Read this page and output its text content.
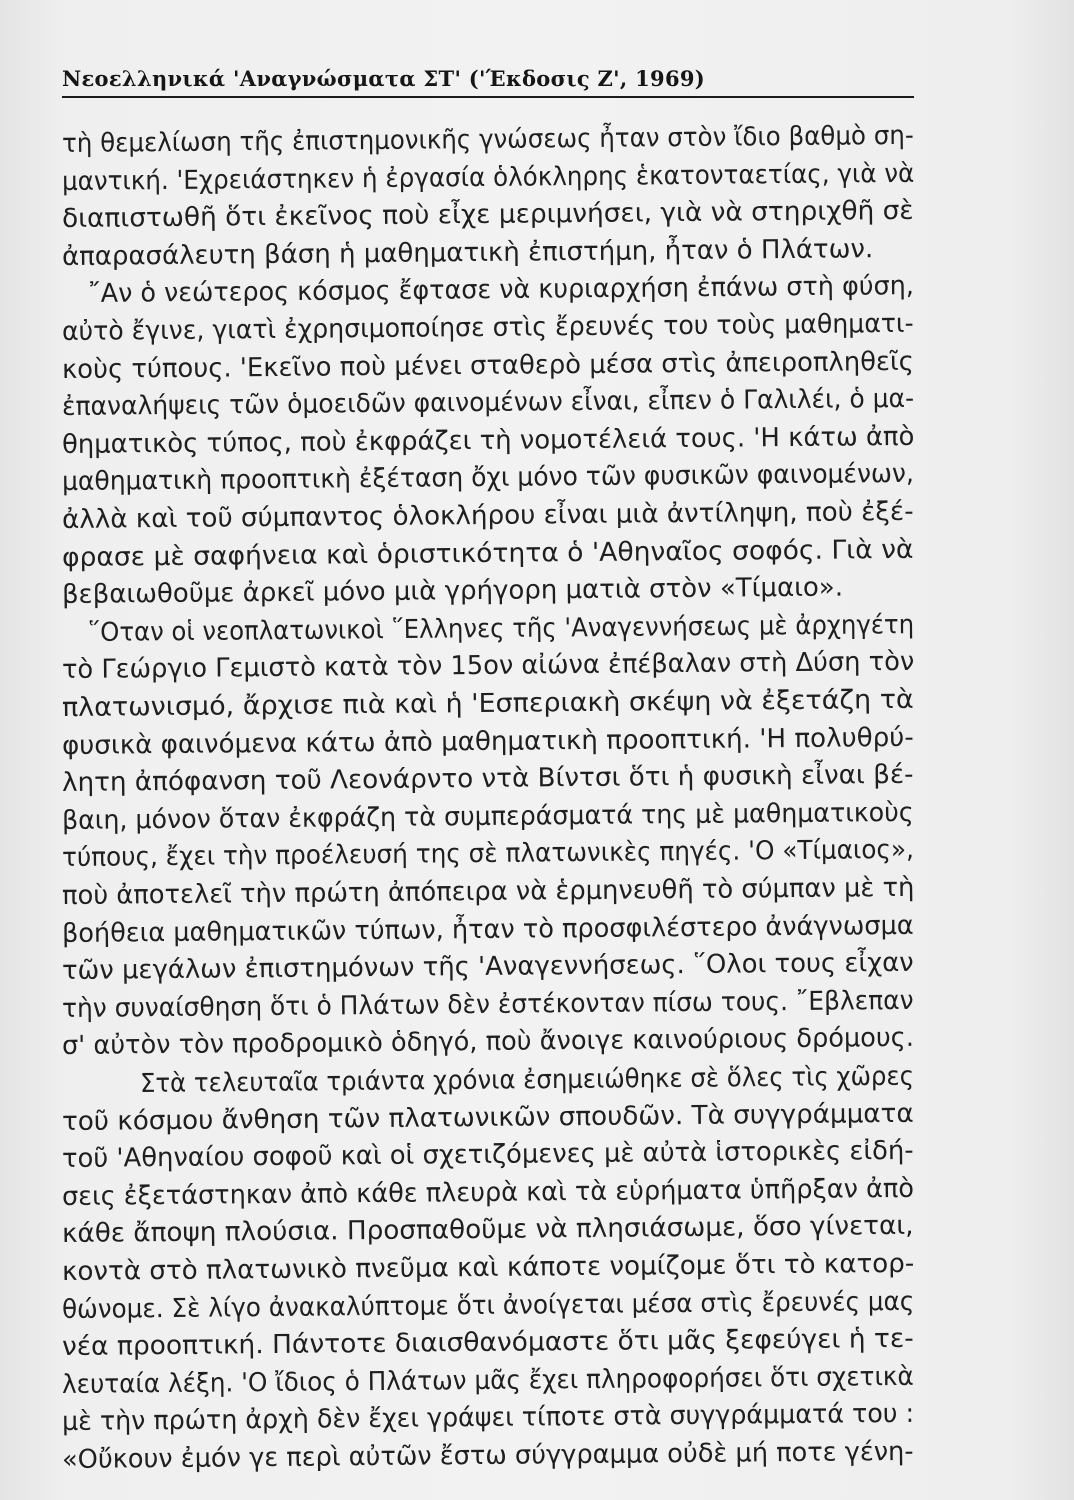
Νεοελληνικά 'Αναγνώσματα ΣΤ' ('Έκδοσις Ζ', 1969)
τὴ θεμελίωση τῆς ἐπιστημονικῆς γνώσεως ἦταν στὸν ἴδιο βαθμὸ ση-
μαντική. 'Εχρειάστηκεν ἡ ἐργασία ὁλόκληρης ἑκατονταετίας, γιὰ νὰ
διαπιστωθῆ ὅτι ἐκεῖνος ποὺ εἶχε μεριμνήσει, γιὰ νὰ στηριχθῆ σὲ
ἀπαρασάλευτη βάση ἡ μαθηματικὴ ἐπιστήμη, ἦταν ὁ Πλάτων.
῎Αν ὁ νεώτερος κόσμος ἔφτασε νὰ κυριαρχήση ἐπάνω στὴ φύση,
αὐτὸ ἔγινε, γιατὶ ἐχρησιμοποίησε στὶς ἔρευνές του τοὺς μαθηματι-
κοὺς τύπους. 'Εκεῖνο ποὺ μένει σταθερὸ μέσα στὶς ἀπειροπληθεῖς
ἐπαναλήψεις τῶν ὁμοειδῶν φαινομένων εἶναι, εἶπεν ὁ Γαλιλέι, ὁ μα-
θηματικὸς τύπος, ποὺ ἐκφράζει τὴ νομοτέλειά τους. 'Η κάτω ἀπὸ
μαθηματικὴ προοπτικὴ ἐξέταση ὄχι μόνο τῶν φυσικῶν φαινομένων,
ἀλλὰ καὶ τοῦ σύμπαντος ὁλοκλήρου εἶναι μιὰ ἀντίληψη, ποὺ ἐξέ-
φρασε μὲ σαφήνεια καὶ ὁριστικότητα ὁ 'Αθηναῖος σοφός. Γιὰ νὰ
βεβαιωθοῦμε ἀρκεῖ μόνο μιὰ γρήγορη ματιὰ στὸν «Τίμαιο».
῞Οταν οἱ νεοπλατωνικοὶ ῞Ελληνες τῆς 'Αναγεννήσεως μὲ ἀρχηγέτη
τὸ Γεώργιο Γεμιστὸ κατὰ τὸν 15ον αἰώνα ἐπέβαλαν στὴ Δύση τὸν
πλατωνισμό, ἄρχισε πιὰ καὶ ἡ 'Εσπεριακὴ σκέψη νὰ ἐξετάζη τὰ
φυσικὰ φαινόμενα κάτω ἀπὸ μαθηματικὴ προοπτική. 'Η πολυθρύ-
λητη ἀπόφανση τοῦ Λεονάρντο ντὰ Βίντσι ὅτι ἡ φυσικὴ εἶναι βέ-
βαιη, μόνον ὅταν ἐκφράζη τὰ συμπεράσματά της μὲ μαθηματικοὺς
τύπους, ἔχει τὴν προέλευσή της σὲ πλατωνικὲς πηγές. 'Ο «Τίμαιος»,
ποὺ ἀποτελεῖ τὴν πρώτη ἀπόπειρα νὰ ἑρμηνευθῆ τὸ σύμπαν μὲ τὴ
βοήθεια μαθηματικῶν τύπων, ἦταν τὸ προσφιλέστερο ἀνάγνωσμα
τῶν μεγάλων ἐπιστημόνων τῆς 'Αναγεννήσεως. ῞Ολοι τους εἶχαν
τὴν συναίσθηση ὅτι ὁ Πλάτων δὲν ἐστέκονταν πίσω τους. ῎Εβλεπαν
σ' αὐτὸν τὸν προδρομικὸ ὁδηγό, ποὺ ἄνοιγε καινούριους δρόμους.
Στὰ τελευταῖα τριάντα χρόνια ἐσημειώθηκε σὲ ὅλες τὶς χῶρες
τοῦ κόσμου ἄνθηση τῶν πλατωνικῶν σπουδῶν. Τὰ συγγράμματα
τοῦ 'Αθηναίου σοφοῦ καὶ οἱ σχετιζόμενες μὲ αὐτὰ ἱστορικὲς εἰδή-
σεις ἐξετάστηκαν ἀπὸ κάθε πλευρὰ καὶ τὰ εὑρήματα ὑπῆρξαν ἀπὸ
κάθε ἄποψη πλούσια. Προσπαθοῦμε νὰ πλησιάσωμε, ὅσο γίνεται,
κοντὰ στὸ πλατωνικὸ πνεῦμα καὶ κάποτε νομίζομε ὅτι τὸ κατορ-
θώνομε. Σὲ λίγο ἀνακαλύπτομε ὅτι ἀνοίγεται μέσα στὶς ἔρευνές μας
νέα προοπτική. Πάντοτε διαισθανόμαστε ὅτι μᾶς ξεφεύγει ἡ τε-
λευταία λέξη. 'Ο ἴδιος ὁ Πλάτων μᾶς ἔχει πληροφορήσει ὅτι σχετικὰ
μὲ τὴν πρώτη ἀρχὴ δὲν ἔχει γράψει τίποτε στὰ συγγράμματά του :
«Οὔκουν ἐμόν γε περὶ αὐτῶν ἔστω σύγγραμμα οὐδὲ μή ποτε γένη-
